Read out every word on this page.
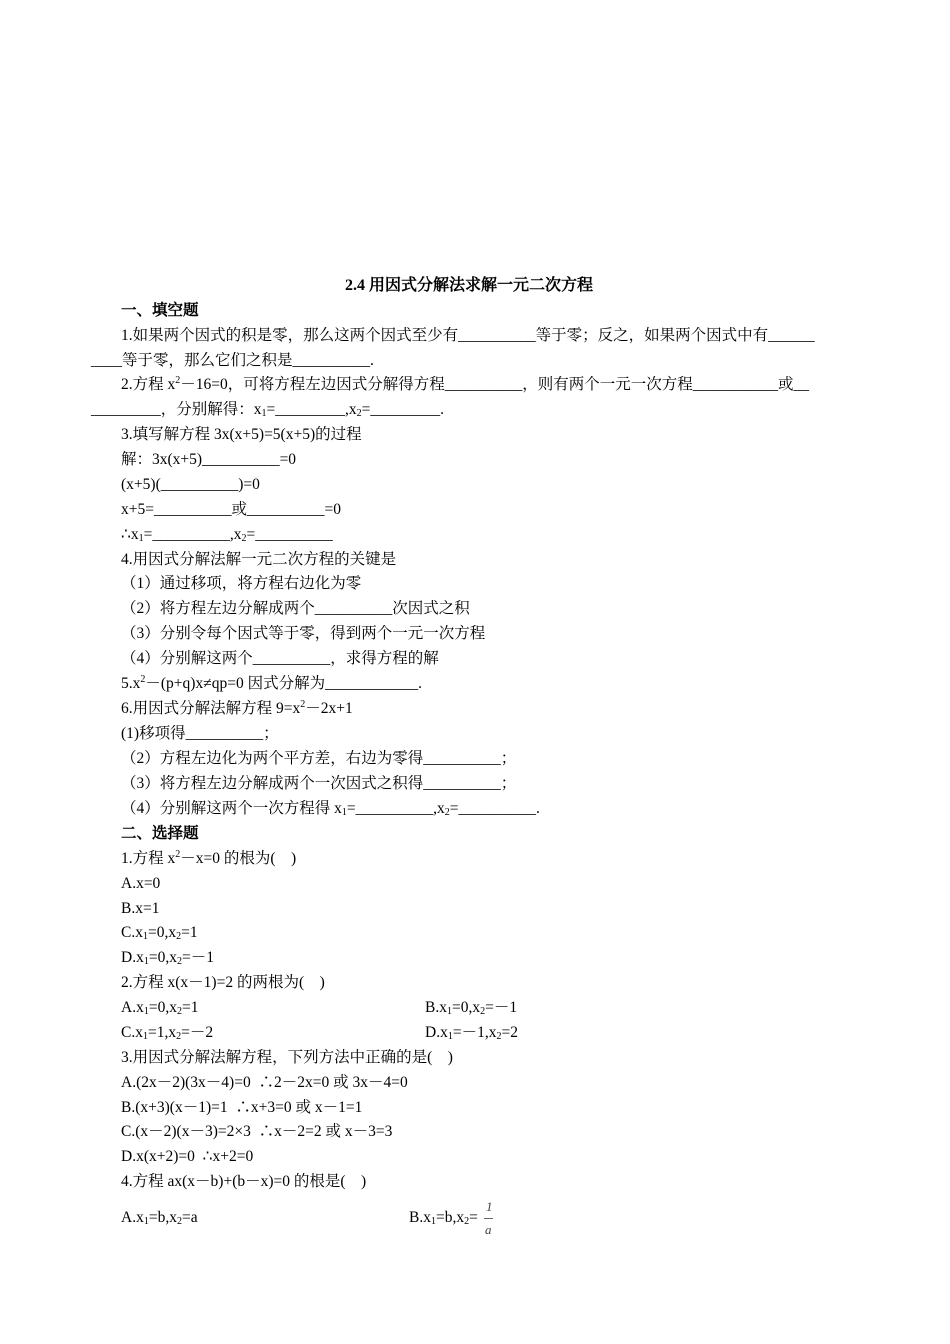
2.4 用因式分解法求解一元二次方程
一、填空题
1.如果两个因式的积是零，那么这两个因式至少有__________等于零；反之，如果两个因式中有______
____等于零，那么它们之积是__________.
2.方程 $x^2-16=0$，可将方程左边因式分解得方程__________，则有两个一元一次方程___________或__
_________，分别解得：$x_1=\_\_\_\_\_\_\_\_\_,x_2=\_\_\_\_\_\_\_\_\_$.
3.填写解方程 3x(x+5)=5(x+5)的过程
解：3x(x+5)__________=0
(x+5)(__________)=0
x+5=__________或__________=0
$\therefore x_1=\_\_\_\_\_\_\_\_\_\_,x_2=\_\_\_\_\_\_\_\_\_\_$
4.用因式分解法解一元二次方程的关键是
（1）通过移项，将方程右边化为零
（2）将方程左边分解成两个__________次因式之积
（3）分别令每个因式等于零，得到两个一元一次方程
（4）分别解这两个__________，求得方程的解
$5.x^2-(p+q)x\ne qp=0$ 因式分解为____________.
6.用因式分解法解方程 $9=x^2-2x+1$
(1)移项得__________；
（2）方程左边化为两个平方差，右边为零得__________；
（3）将方程左边分解成两个一次因式之积得__________；
（4）分别解这两个一次方程得 $x_1=\_\_\_\_\_\_\_\_\_\_,x_2=\_\_\_\_\_\_\_\_\_\_$.
二、选择题
1.方程 $x^2-x=0$ 的根为(    )
A.x=0
B.x=1
$C.x_1=0,x_2=1$
$D.x_1=0,x_2=-1$
2.方程 x(x－1)=2 的两根为(    )
$A.x_1=0,x_2=1$	$B.x_1=0,x_2=-1$
$C.x_1=1,x_2=-2$	$D.x_1=-1,x_2=2$
3.用因式分解法解方程，下列方法中正确的是(    )
A.(2x－2)(3x－4)=0  ∴2－2x=0 或 3x－4=0
B.(x+3)(x－1)=1  ∴x+3=0 或 x－1=1
C.(x－2)(x－3)=2×3  ∴x－2=2 或 x－3=3
D.x(x+2)=0  ∴x+2=0
4.方程 ax(x－b)+(b－x)=0 的根是(    )
$A.x_1=b,x_2=a$	$B.x_1=b,x_2=$
1
a
